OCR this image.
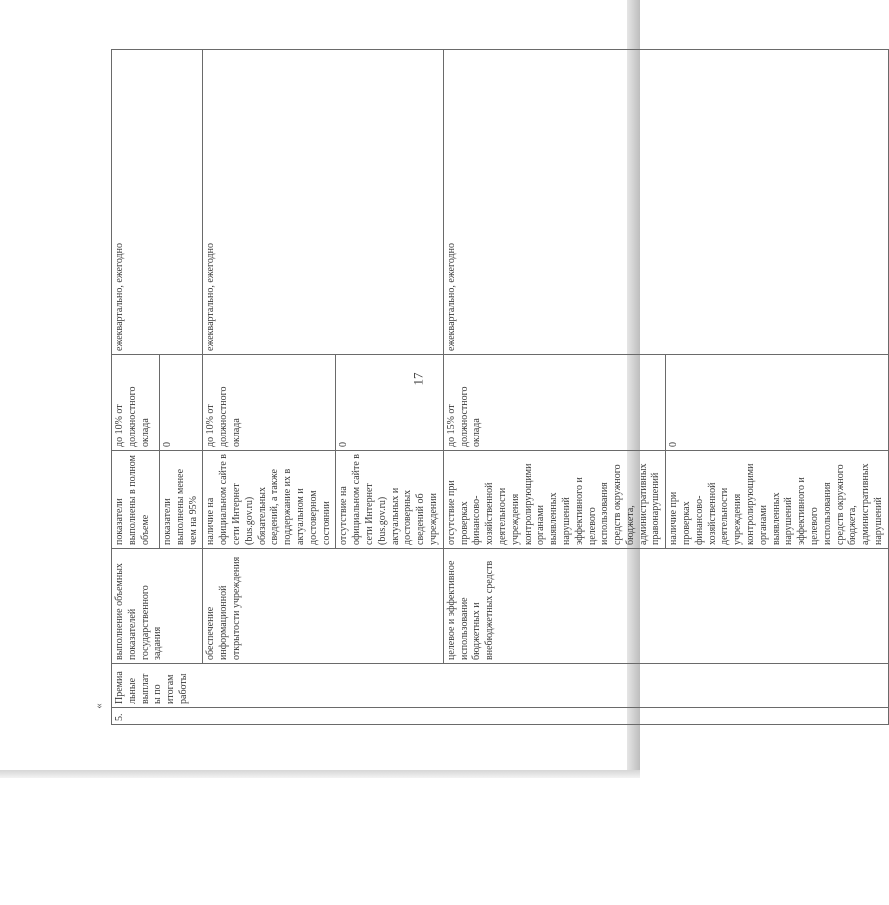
17
«
5.	Премиальные выплаты по итогам работы	выполнение объемных показателей государственного задания	показатели выполнены в полном объеме	до 10% от должностного оклада	ежеквартально, ежегодно
			показатели выполнены менее чем на 95%	0	
		обеспечение информационной открытости учреждения	наличие на официальном сайте в сети Интернет (bus.gov.ru) обязательных сведений, а также поддержание их в актуальном и достоверном состоянии	до 10% от должностного оклада	ежеквартально, ежегодно
			отсутствие на официальном сайте в сети Интернет (bus.gov.ru) актуальных и достоверных сведений об учреждении	0	
		целевое и эффективное использование бюджетных и внебюджетных средств	отсутствие при проверках финансово-хозяйственной деятельности учреждения контролирующими органами выявленных нарушений эффективного и целевого использования средств окружного бюджета, административных правонарушений	до 15% от должностного оклада	ежеквартально, ежегодно
			наличие при проверках финансово-хозяйственной деятельности учреждения контролирующими органами выявленных нарушений эффективного и целевого использования средств окружного бюджета, административных нарушений	0	
